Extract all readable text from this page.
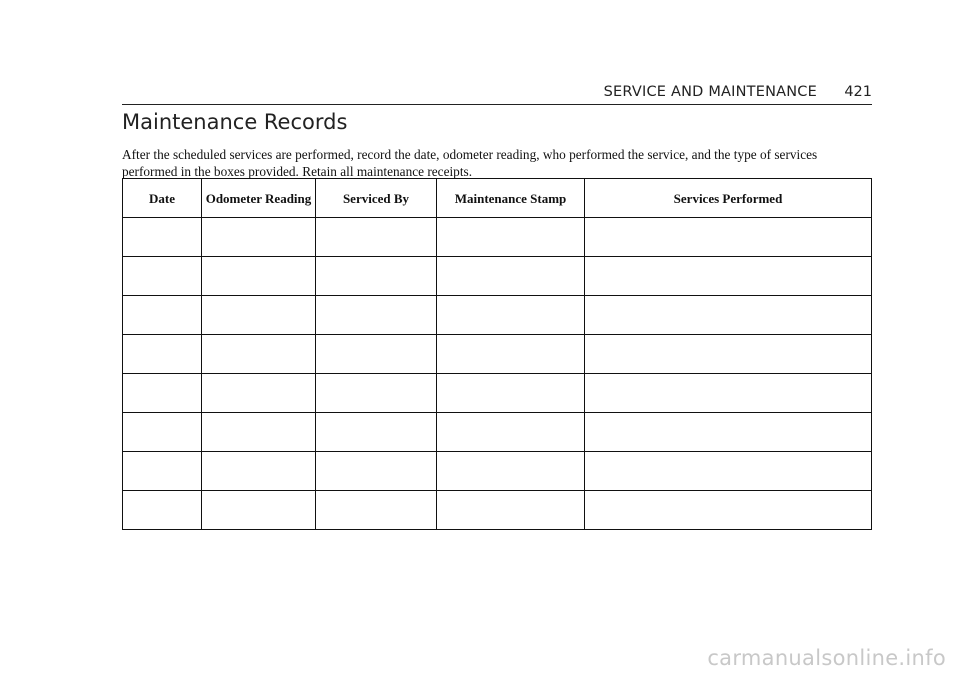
SERVICE AND MAINTENANCE 421
Maintenance Records

After the scheduled services are performed, record the date, odometer reading, who performed the service, and the type of services performed in the boxes provided. Retain all maintenance receipts.

Date	Odometer Reading	Serviced By	Maintenance Stamp	Services Performed

carmanualsonline.info
